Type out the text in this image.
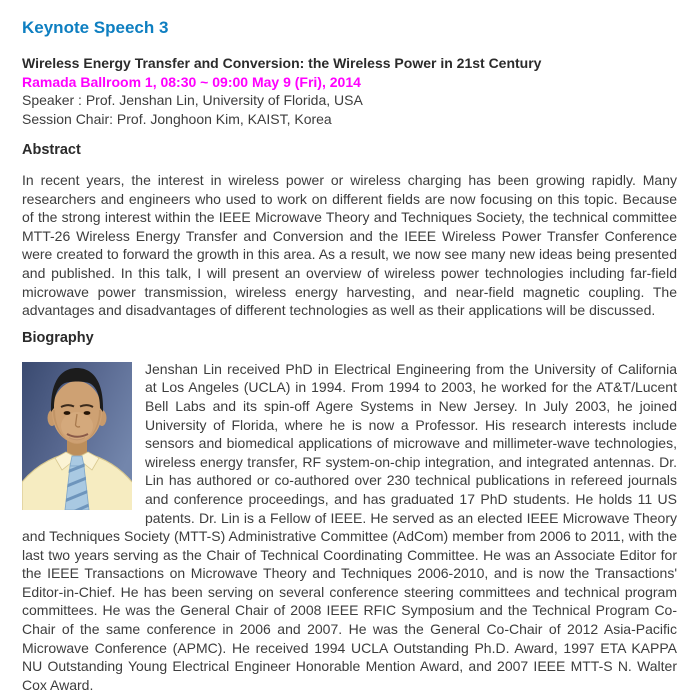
Keynote Speech 3

Wireless Energy Transfer and Conversion: the Wireless Power in 21st Century

Ramada Ballroom 1, 08:30 ~ 09:00 May 9 (Fri), 2014

Speaker : Prof. Jenshan Lin, University of Florida, USA

Session Chair: Prof. Jonghoon Kim, KAIST, Korea

Abstract

In recent years, the interest in wireless power or wireless charging has been growing rapidly. Many researchers and engineers who used to work on different fields are now focusing on this topic. Because of the strong interest within the IEEE Microwave Theory and Techniques Society, the technical committee MTT-26 Wireless Energy Transfer and Conversion and the IEEE Wireless Power Transfer Conference were created to forward the growth in this area. As a result, we now see many new ideas being presented and published. In this talk, I will present an overview of wireless power technologies including far-field microwave power transmission, wireless energy harvesting, and near-field magnetic coupling. The advantages and disadvantages of different technologies as well as their applications will be discussed.

Biography

Jenshan Lin received PhD in Electrical Engineering from the University of California at Los Angeles (UCLA) in 1994. From 1994 to 2003, he worked for the AT&T/Lucent Bell Labs and its spin-off Agere Systems in New Jersey. In July 2003, he joined University of Florida, where he is now a Professor. His research interests include sensors and biomedical applications of microwave and millimeter-wave technologies, wireless energy transfer, RF system-on-chip integration, and integrated antennas. Dr. Lin has authored or co-authored over 230 technical publications in refereed journals and conference proceedings, and has graduated 17 PhD students. He holds 11 US patents. Dr. Lin is a Fellow of IEEE. He served as an elected IEEE Microwave Theory and Techniques Society (MTT-S) Administrative Committee (AdCom) member from 2006 to 2011, with the last two years serving as the Chair of Technical Coordinating Committee. He was an Associate Editor for the IEEE Transactions on Microwave Theory and Techniques 2006-2010, and is now the Transactions' Editor-in-Chief. He has been serving on several conference steering committees and technical program committees. He was the General Chair of 2008 IEEE RFIC Symposium and the Technical Program Co-Chair of the same conference in 2006 and 2007. He was the General Co-Chair of 2012 Asia-Pacific Microwave Conference (APMC). He received 1994 UCLA Outstanding Ph.D. Award, 1997 ETA KAPPA NU Outstanding Young Electrical Engineer Honorable Mention Award, and 2007 IEEE MTT-S N. Walter Cox Award.
